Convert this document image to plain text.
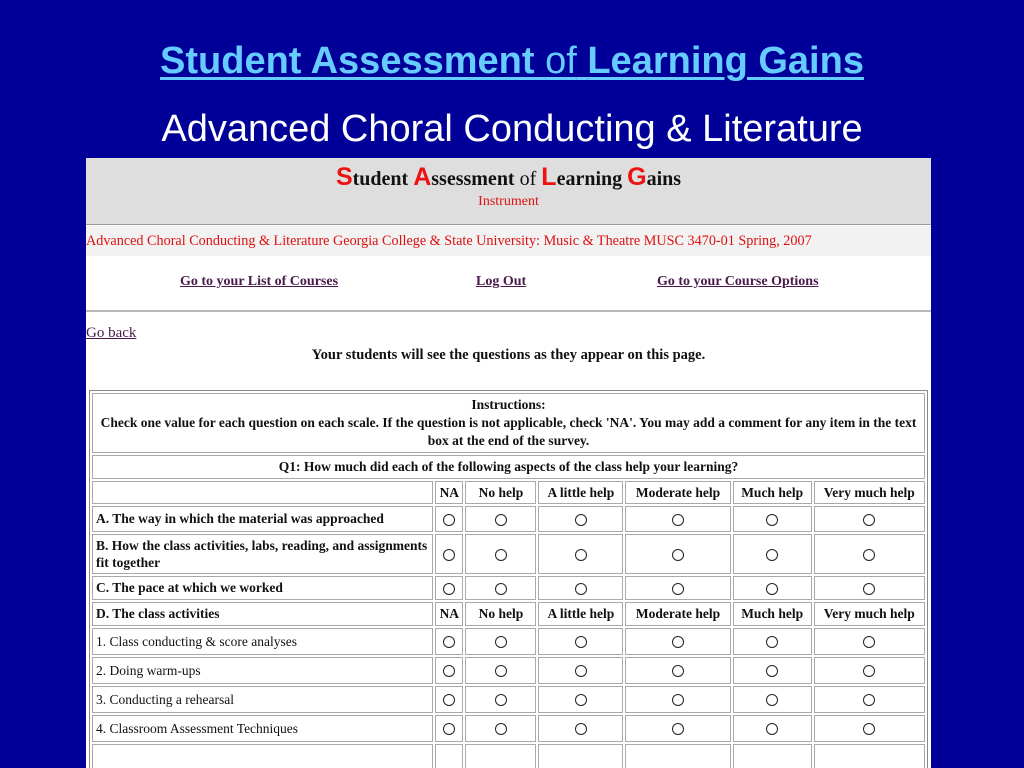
Student Assessment of Learning Gains
Advanced Choral Conducting & Literature
Student Assessment of Learning Gains
Instrument
Advanced Choral Conducting & Literature Georgia College & State University: Music & Theatre MUSC 3470-01 Spring, 2007
Go to your List of Courses	Log Out	Go to your Course Options
Go back
Your students will see the questions as they appear on this page.
Instructions:
Check one value for each question on each scale. If the question is not applicable, check 'NA'. You may add a comment for any item in the text box at the end of the survey.						

Q1: How much did each of the following aspects of the class help your learning?						
	NA	No help	A little help	Moderate help	Much help	Very much help
A. The way in which the material was approached						
B. How the class activities, labs, reading, and assignments fit together						
C. The pace at which we worked						
D. The class activities	NA	No help	A little help	Moderate help	Much help	Very much help
1. Class conducting & score analyses						
2. Doing warm-ups						
3. Conducting a rehearsal						
4. Classroom Assessment Techniques						
